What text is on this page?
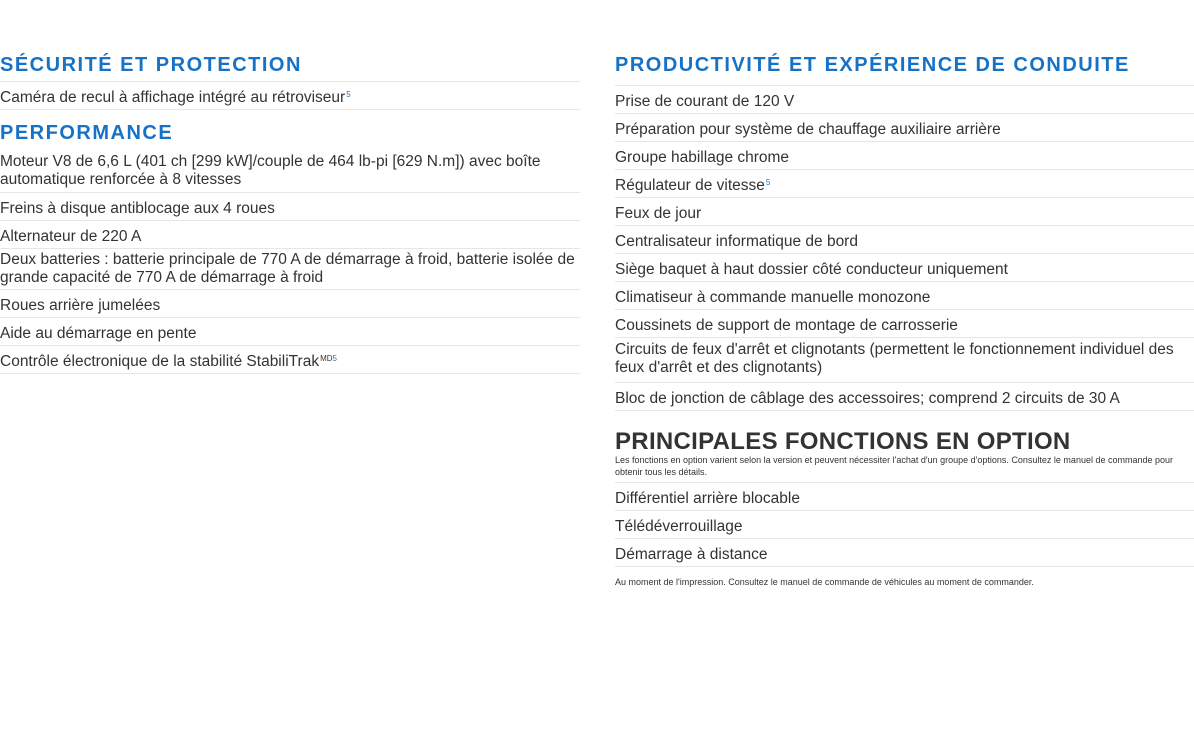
SÉCURITÉ ET PROTECTION
Caméra de recul à affichage intégré au rétroviseur$^5$
PERFORMANCE
Moteur V8 de 6,6 L (401 ch [299 kW]/couple de 464 lb-pi [629 N.m]) avec boîte automatique renforcée à 8 vitesses
Freins à disque antiblocage aux 4 roues
Alternateur de 220 A
Deux batteries : batterie principale de 770 A de démarrage à froid, batterie isolée de grande capacité de 770 A de démarrage à froid
Roues arrière jumelées
Aide au démarrage en pente
Contrôle électronique de la stabilité StabiliTrak$^{MD5}$
PRODUCTIVITÉ ET EXPÉRIENCE DE CONDUITE
Prise de courant de 120 V
Préparation pour système de chauffage auxiliaire arrière
Groupe habillage chrome
Régulateur de vitesse$^5$
Feux de jour
Centralisateur informatique de bord
Siège baquet à haut dossier côté conducteur uniquement
Climatiseur à commande manuelle monozone
Coussinets de support de montage de carrosserie
Circuits de feux d'arrêt et clignotants (permettent le fonctionnement individuel des feux d'arrêt et des clignotants)
Bloc de jonction de câblage des accessoires; comprend 2 circuits de 30 A
PRINCIPALES FONCTIONS EN OPTION

Les fonctions en option varient selon la version et peuvent nécessiter l'achat d'un groupe d'options. Consultez le manuel de commande pour obtenir tous les détails.

Différentiel arrière blocable
Télédéverrouillage
Démarrage à distance

Au moment de l'impression. Consultez le manuel de commande de véhicules au moment de commander.
